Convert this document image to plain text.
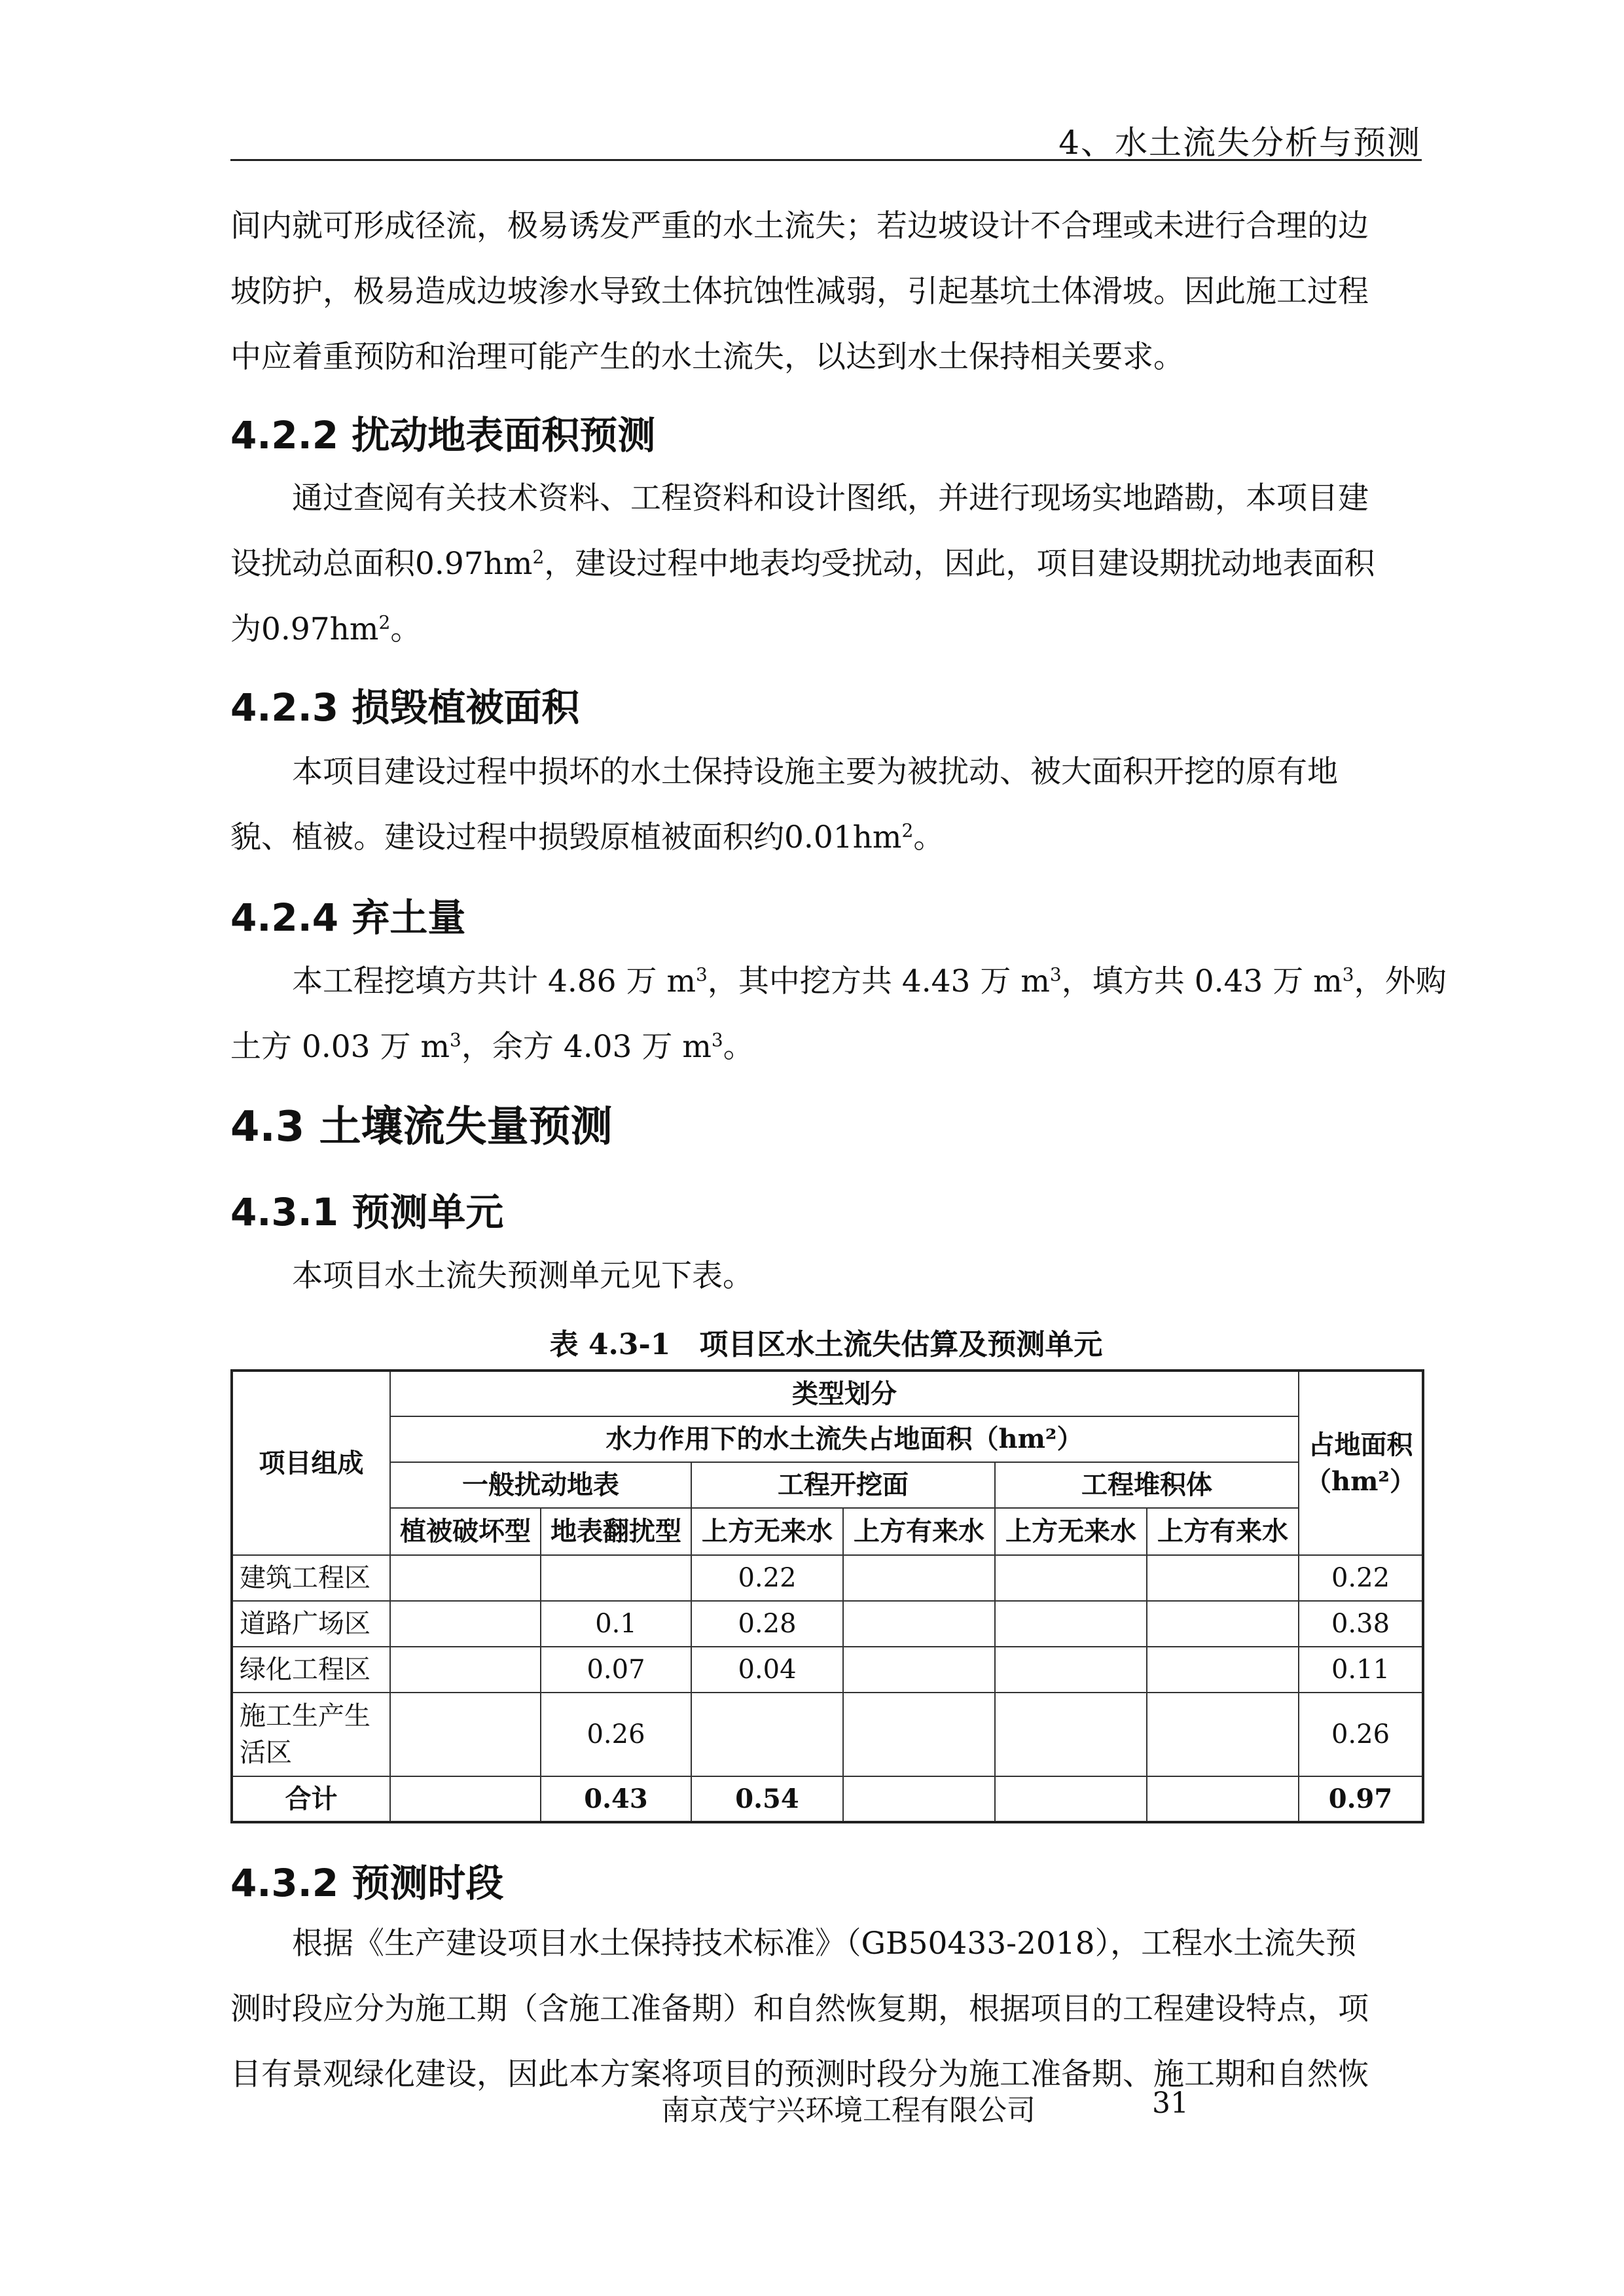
4、水土流失分析与预测
间内就可形成径流，极易诱发严重的水土流失；若边坡设计不合理或未进行合理的边
坡防护，极易造成边坡渗水导致土体抗蚀性减弱，引起基坑土体滑坡。因此施工过程
中应着重预防和治理可能产生的水土流失，以达到水土保持相关要求。
4.2.2 扰动地表面积预测
　　通过查阅有关技术资料、工程资料和设计图纸，并进行现场实地踏勘，本项目建
设扰动总面积$0.97hm^2$，建设过程中地表均受扰动，因此，项目建设期扰动地表面积
为$0.97hm^2$。
4.2.3 损毁植被面积
　　本项目建设过程中损坏的水土保持设施主要为被扰动、被大面积开挖的原有地
貌、植被。建设过程中损毁原植被面积约$0.01hm^2$。
4.2.4 弃土量
　　本工程挖填方共计 4.86 万 $m^3$，其中挖方共 4.43 万 $m^3$，填方共 0.43 万 $m^3$，外购
土方 0.03 万 $m^3$，余方 4.03 万 $m^3$。
4.3 土壤流失量预测
4.3.1 预测单元
　　本项目水土流失预测单元见下表。
表 4.3-1　项目区水土流失估算及预测单元
项目组成	类型划分						占地面积（hm²）
	水力作用下的水土流失占地面积（hm²）						
	一般扰动地表		工程开挖面		工程堆积体		
	植被破坏型	地表翻扰型	上方无来水	上方有来水	上方无来水	上方有来水	
建筑工程区			0.22				0.22
道路广场区		0.1	0.28				0.38
绿化工程区		0.07	0.04				0.11
施工生产生活区		0.26					0.26
合计		0.43	0.54				0.97
4.3.2 预测时段
　　根据《生产建设项目水土保持技术标准》（GB50433-2018），工程水土流失预
测时段应分为施工期（含施工准备期）和自然恢复期，根据项目的工程建设特点，项
目有景观绿化建设，因此本方案将项目的预测时段分为施工准备期、施工期和自然恢
南京茂宁兴环境工程有限公司	31
